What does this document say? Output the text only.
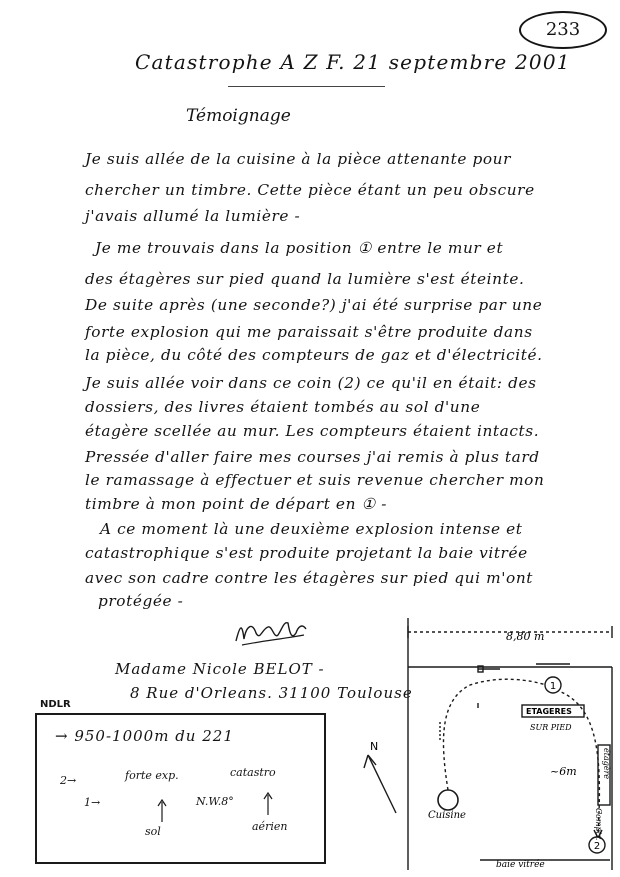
233
Catastrophe A Z F. 21 septembre 2001
Témoignage
Je suis allée de la cuisine à la pièce attenante pour
chercher un timbre. Cette pièce étant un peu obscure
j'avais allumé la lumière -
Je me trouvais dans la position ① entre le mur et
des étagères sur pied quand la lumière s'est éteinte.
De suite après (une seconde?) j'ai été surprise par une
forte explosion qui me paraissait s'être produite dans
la pièce, du côté des compteurs de gaz et d'électricité.
Je suis allée voir dans ce coin (2) ce qu'il en était: des
dossiers, des livres étaient tombés au sol d'une
étagère scellée au mur. Les compteurs étaient intacts.
Pressée d'aller faire mes courses j'ai remis à plus tard
le ramassage à effectuer et suis revenue chercher mon
timbre à mon point de départ en ① -
A ce moment là une deuxième explosion intense et
catastrophique s'est produite projetant la baie vitrée
avec son cadre contre les étagères sur pied qui m'ont
protégée -
Madame Nicole BELOT -
8 Rue d'Orleans. 31100 Toulouse
NDLR
→ 950-1000m du 221
2→
1→
forte exp.	catastro
N.W.8°
sol	aérien
1
2
8,80 m
ETAGERES
SUR PIED
~6m	étagère
Comptr.
Cuisine
baie vitrée
N
